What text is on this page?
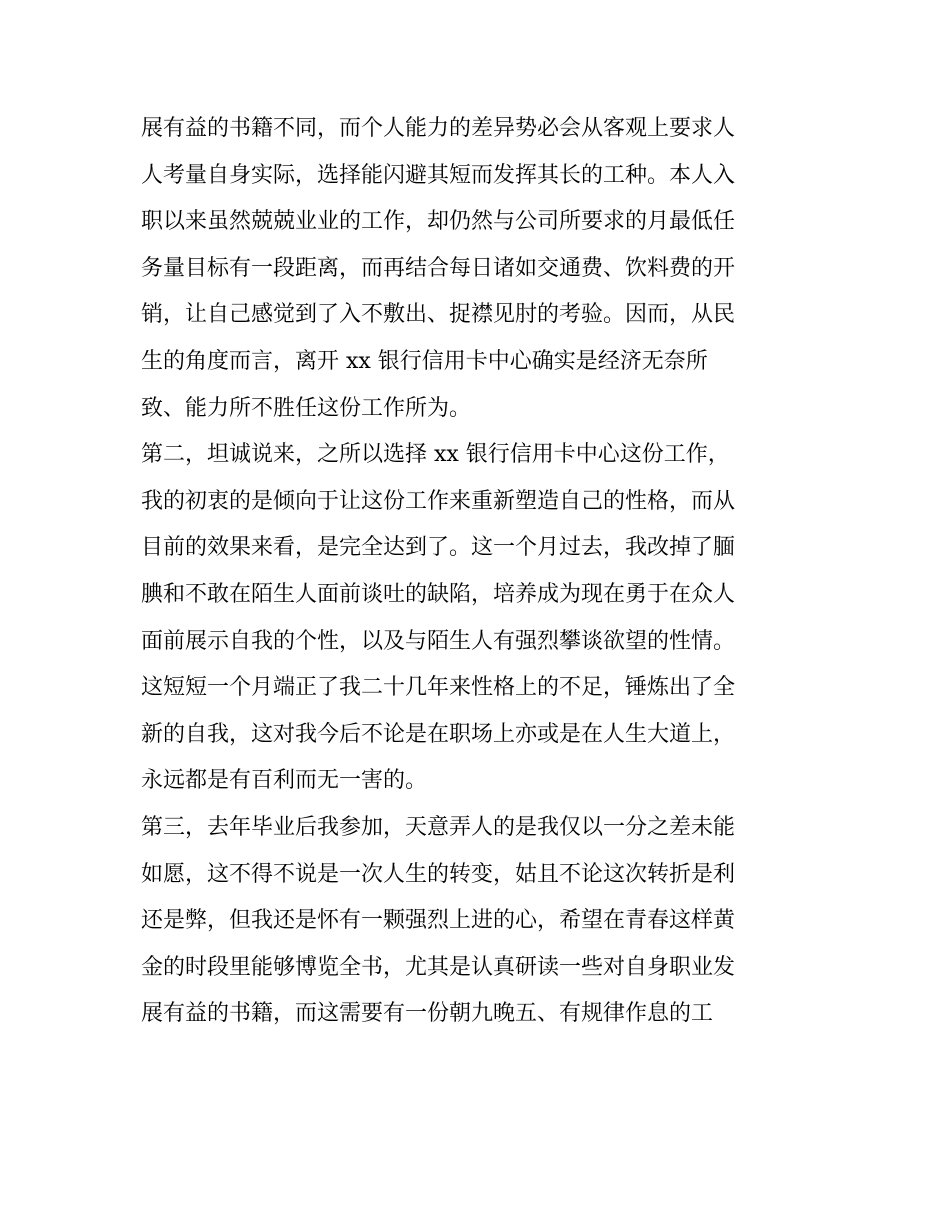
展有益的书籍不同，而个人能力的差异势必会从客观上要求人
人考量自身实际，选择能闪避其短而发挥其长的工种。本人入
职以来虽然兢兢业业的工作，却仍然与公司所要求的月最低任
务量目标有一段距离，而再结合每日诸如交通费、饮料费的开
销，让自己感觉到了入不敷出、捉襟见肘的考验。因而，从民
生的角度而言，离开 xx 银行信用卡中心确实是经济无奈所
致、能力所不胜任这份工作所为。
第二，坦诚说来，之所以选择 xx 银行信用卡中心这份工作，
我的初衷的是倾向于让这份工作来重新塑造自己的性格，而从
目前的效果来看，是完全达到了。这一个月过去，我改掉了腼
腆和不敢在陌生人面前谈吐的缺陷，培养成为现在勇于在众人
面前展示自我的个性，以及与陌生人有强烈攀谈欲望的性情。
这短短一个月端正了我二十几年来性格上的不足，锤炼出了全
新的自我，这对我今后不论是在职场上亦或是在人生大道上，
永远都是有百利而无一害的。
第三，去年毕业后我参加，天意弄人的是我仅以一分之差未能
如愿，这不得不说是一次人生的转变，姑且不论这次转折是利
还是弊，但我还是怀有一颗强烈上进的心，希望在青春这样黄
金的时段里能够博览全书，尤其是认真研读一些对自身职业发
展有益的书籍，而这需要有一份朝九晚五、有规律作息的工
